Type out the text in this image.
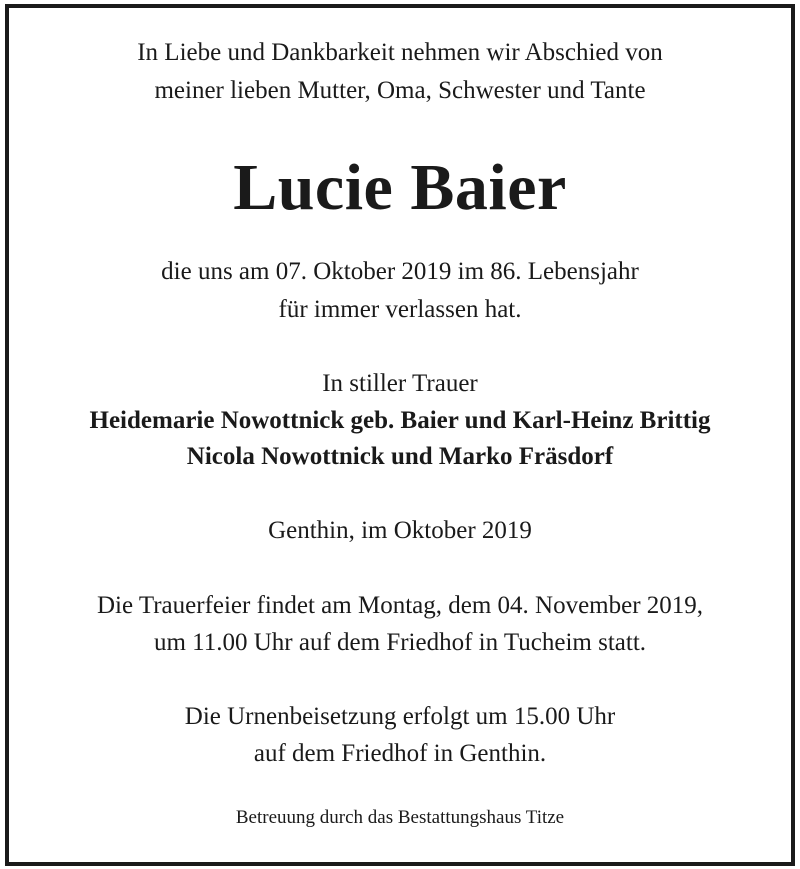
In Liebe und Dankbarkeit nehmen wir Abschied von
meiner lieben Mutter, Oma, Schwester und Tante
Lucie Baier
die uns am 07. Oktober 2019 im 86. Lebensjahr
für immer verlassen hat.
In stiller Trauer
Heidemarie Nowottnick geb. Baier und Karl-Heinz Brittig
Nicola Nowottnick und Marko Fräsdorf
Genthin, im Oktober 2019
Die Trauerfeier findet am Montag, dem 04. November 2019,
um 11.00 Uhr auf dem Friedhof in Tucheim statt.
Die Urnenbeisetzung erfolgt um 15.00 Uhr
auf dem Friedhof in Genthin.
Betreuung durch das Bestattungshaus Titze
